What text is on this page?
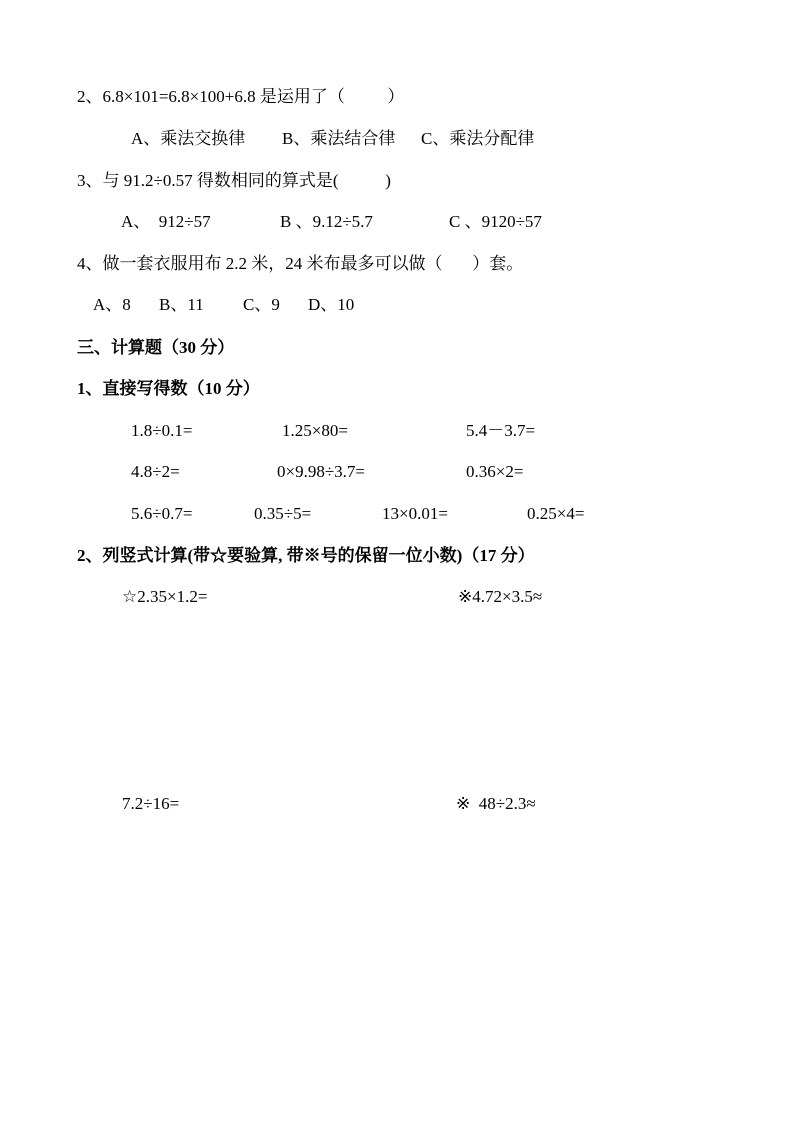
2、6.8×101=6.8×100+6.8 是运用了（          ）
A、乘法交换律 B、乘法结合律 C、乘法分配律
3、与 91.2÷0.57 得数相同的算式是(           )
A、  912÷57	B 、9.12÷5.7	C 、9120÷57
4、做一套衣服用布 2.2 米，24 米布最多可以做（       ）套。
A、8 B、11 C、9 D、10
三、计算题（30 分）
1、直接写得数（10 分）
1.8÷0.1=	1.25×80=	5.4－3.7=
4.8÷2=	0×9.98÷3.7=	0.36×2=
5.6÷0.7=	0.35÷5=	13×0.01=	0.25×4=
2、列竖式计算(带☆要验算, 带※号的保留一位小数)（17 分）
☆2.35×1.2=	※4.72×3.5≈
7.2÷16=	※  48÷2.3≈
